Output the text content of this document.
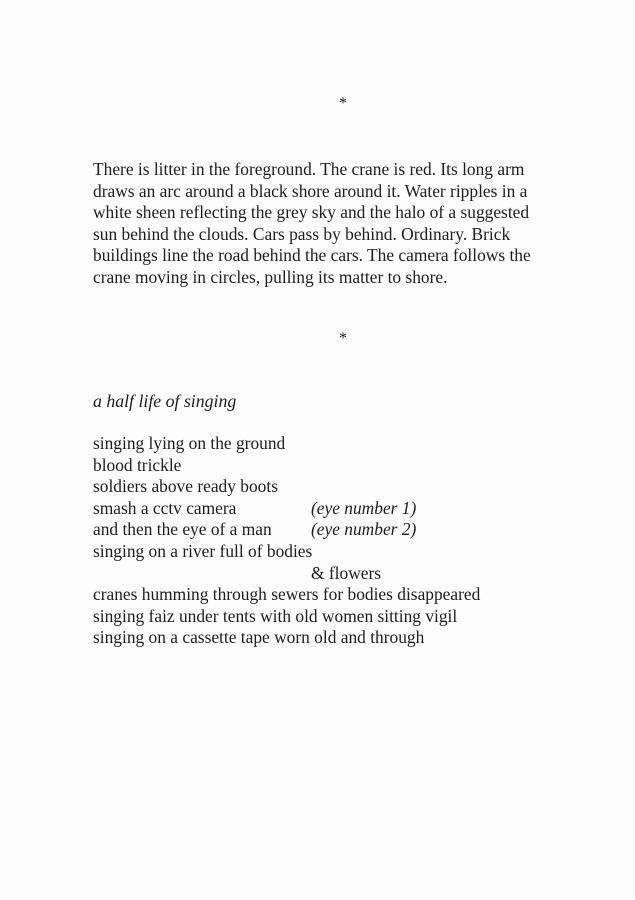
*
There is litter in the foreground. The crane is red. Its long arm
draws an arc around a black shore around it. Water ripples in a
white sheen reflecting the grey sky and the halo of a suggested
sun behind the clouds. Cars pass by behind. Ordinary. Brick
buildings line the road behind the cars. The camera follows the
crane moving in circles, pulling its matter to shore.
*
a half life of singing
singing lying on the ground
blood trickle
soldiers above ready boots
smash a cctv camera	(eye number 1)
and then the eye of a man (eye number 2)
singing on a river full of bodies
& flowers
cranes humming through sewers for bodies disappeared
singing faiz under tents with old women sitting vigil
singing on a cassette tape worn old and through
